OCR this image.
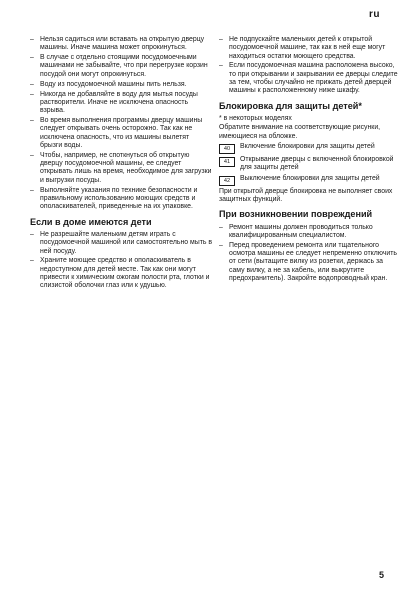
ru
– Нельзя садиться или вставать на открытую дверцу машины. Иначе машина может опрокинуться.
– В случае с отдельно стоящими посудомоечными машинами не забывайте, что при перегрузке корзин посудой они могут опрокинуться.
– Воду из посудомоечной машины пить нельзя.
– Никогда не добавляйте в воду для мытья посуды растворители. Иначе не исключена опасность взрыва.
– Во время выполнения программы дверцу машины следует открывать очень осторожно. Так как не исключена опасность, что из машины вылетят брызги воды.
– Чтобы, например, не споткнуться об открытую дверцу посудомоечной машины, ее следует открывать лишь на время, необходимое для загрузки и выгрузки посуды.
– Выполняйте указания по технике безопасности и правильному использованию моющих средств и ополаскивателей, приведенные на их упаковке.
Если в доме имеются дети
– Не разрешайте маленьким детям играть с посудомоечной машиной или самостоятельно мыть в ней посуду.
– Храните моющее средство и ополаскиватель в недоступном для детей месте. Так как они могут привести к химическим ожогам полости рта, глотки и слизистой оболочки глаз или к удушью.
– Не подпускайте маленьких детей к открытой посудомоечной машине, так как в ней еще могут находиться остатки моющего средства.
– Если посудомоечная машина расположена высоко, то при открывании и закрывании ее дверцы следите за тем, чтобы случайно не прижать детей дверцей машины к расположенному ниже шкафу.
Блокировка для защиты детей*
* в некоторых моделях

Обратите внимание на соответствующие рисунки, имеющиеся на обложке.

40	Включение блокировки для защиты детей
41	Открывание дверцы с включенной блокировкой для защиты детей
42	Выключение блокировки для защиты детей

При открытой дверце блокировка не выполняет своих защитных функций.

При возникновении повреждений
– Ремонт машины должен проводиться только квалифицированным специалистом.
– Перед проведением ремонта или тщательного осмотра машины ее следует непременно отключить от сети (вытащите вилку из розетки, держась за саму вилку, а не за кабель, или выкрутите предохранитель). Закройте водопроводный кран.
5
